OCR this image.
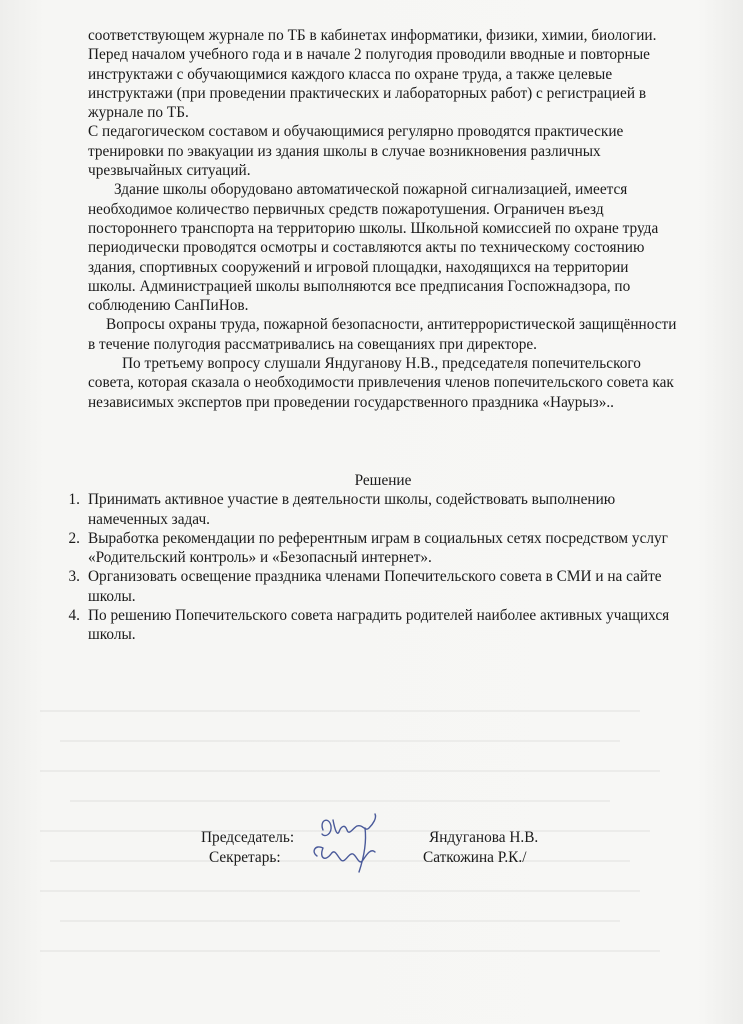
соответствующем журнале по ТБ в кабинетах информатики, физики, химии, биологии. Перед началом учебного года и в начале 2 полугодия проводили вводные и повторные инструктажи с обучающимися каждого класса по охране труда, а также целевые инструктажи (при проведении практических и лабораторных работ) с регистрацией в журнале по ТБ.

С педагогическом составом и обучающимися регулярно проводятся практические тренировки по эвакуации из здания школы в случае возникновения различных чрезвычайных ситуаций.

Здание школы оборудовано автоматической пожарной сигнализацией, имеется необходимое количество первичных средств пожаротушения. Ограничен въезд постороннего транспорта на территорию школы. Школьной комиссией по охране труда периодически проводятся осмотры и составляются акты по техническому состоянию здания, спортивных сооружений и игровой площадки, находящихся на территории школы. Администрацией школы выполняются все предписания Госпожнадзора, по соблюдению СанПиНов.

Вопросы охраны труда, пожарной безопасности, антитеррористической защищённости в течение полугодия рассматривались на совещаниях при директоре.

По третьему вопросу слушали Яндуганову Н.В., председателя попечительского совета, которая сказала о необходимости привлечения членов попечительского совета как независимых экспертов при проведении государственного праздника «Наурыз»..

Решение

1. Принимать активное участие в деятельности школы, содействовать выполнению намеченных задач.
2. Выработка рекомендации по референтным играм в социальных сетях посредством услуг «Родительский контроль» и «Безопасный интернет».
3. Организовать освещение праздника членами Попечительского совета в СМИ и на сайте школы.
4. По решению Попечительского совета наградить родителей наиболее активных учащихся школы.
Председатель:	Яндуганова Н.В.
Секретарь:	Саткожина Р.К./
